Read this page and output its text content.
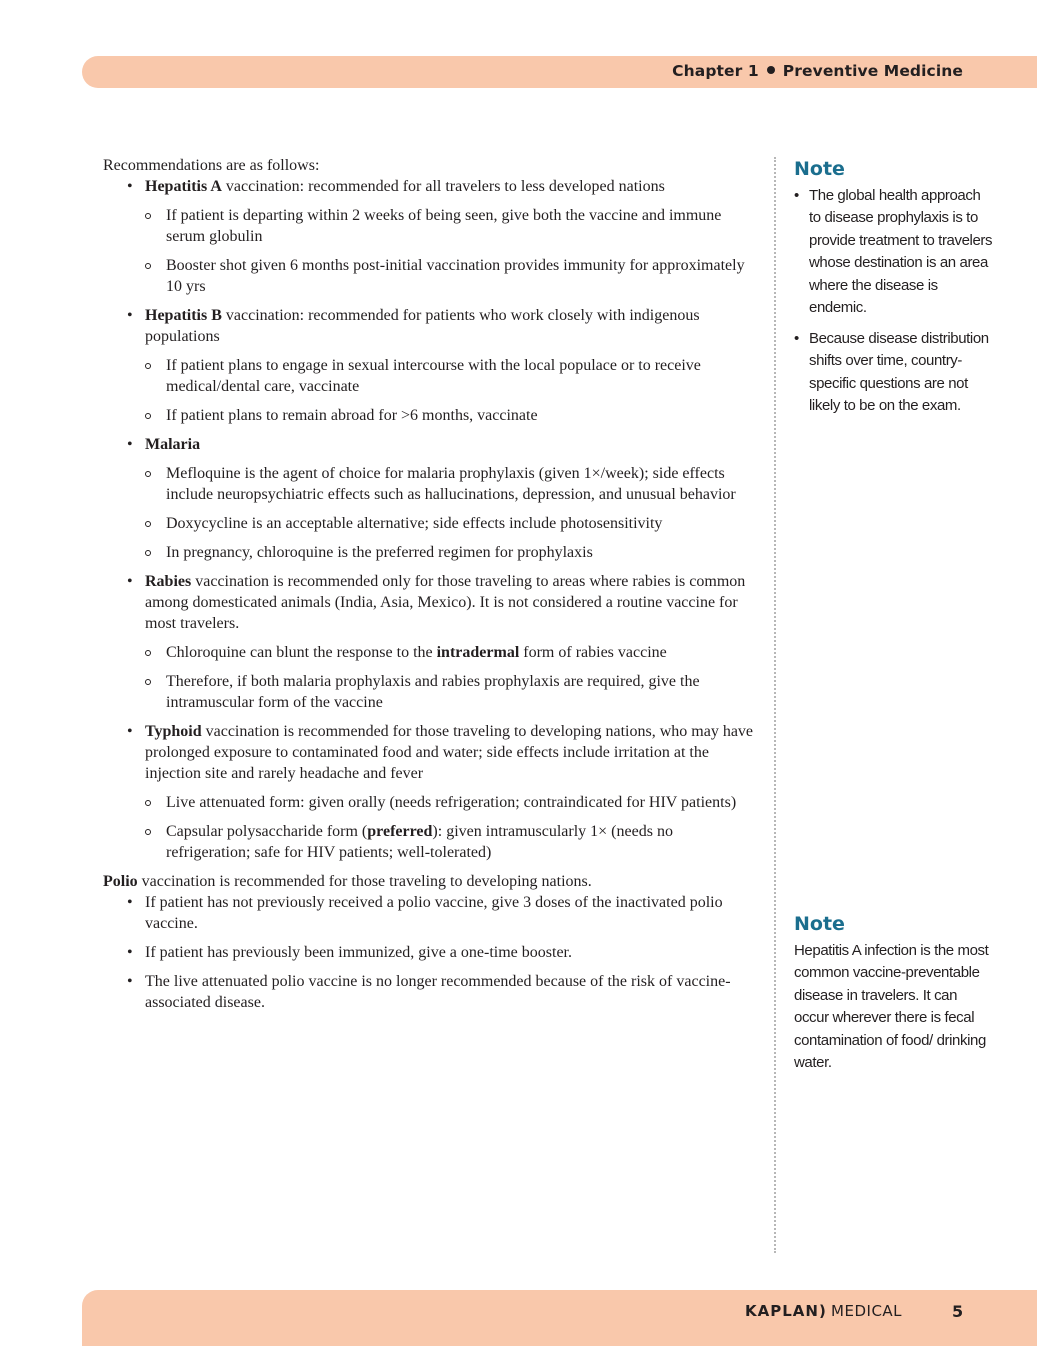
Chapter 1 Preventive Medicine

Recommendations are as follows:

• Hepatitis A vaccination: recommended for all travelers to less developed nations
If patient is departing within 2 weeks of being seen, give both the vaccine and immune serum globulin
Booster shot given 6 months post-initial vaccination provides immunity for approximately 10 yrs
• Hepatitis B vaccination: recommended for patients who work closely with indigenous populations
If patient plans to engage in sexual intercourse with the local populace or to receive medical/dental care, vaccinate
If patient plans to remain abroad for >6 months, vaccinate
• Malaria
Mefloquine is the agent of choice for malaria prophylaxis (given 1×/week); side effects include neuropsychiatric effects such as hallucinations, depression, and unusual behavior
Doxycycline is an acceptable alternative; side effects include photosensitivity
In pregnancy, chloroquine is the preferred regimen for prophylaxis
• Rabies vaccination is recommended only for those traveling to areas where rabies is common among domesticated animals (India, Asia, Mexico). It is not considered a routine vaccine for most travelers.
Chloroquine can blunt the response to the intradermal form of rabies vaccine
Therefore, if both malaria prophylaxis and rabies prophylaxis are required, give the intramuscular form of the vaccine
• Typhoid vaccination is recommended for those traveling to developing nations, who may have prolonged exposure to contaminated food and water; side effects include irritation at the injection site and rarely headache and fever
Live attenuated form: given orally (needs refrigeration; contraindicated for HIV patients)
Capsular polysaccharide form (preferred): given intramuscularly 1× (needs no refrigeration; safe for HIV patients; well-tolerated)

Polio vaccination is recommended for those traveling to developing nations.

• If patient has not previously received a polio vaccine, give 3 doses of the inactivated polio vaccine.
• If patient has previously been immunized, give a one-time booster.
• The live attenuated polio vaccine is no longer recommended because of the risk of vaccine-associated disease.
Note
• The global health approach to disease prophylaxis is to provide treatment to travelers whose destination is an area where the disease is endemic.
• Because disease distribution shifts over time, country-specific questions are not likely to be on the exam.
Note

Hepatitis A infection is the most common vaccine-preventable disease in travelers. It can occur wherever there is fecal contamination of food/ drinking water.

KAPLAN) MEDICAL	5
